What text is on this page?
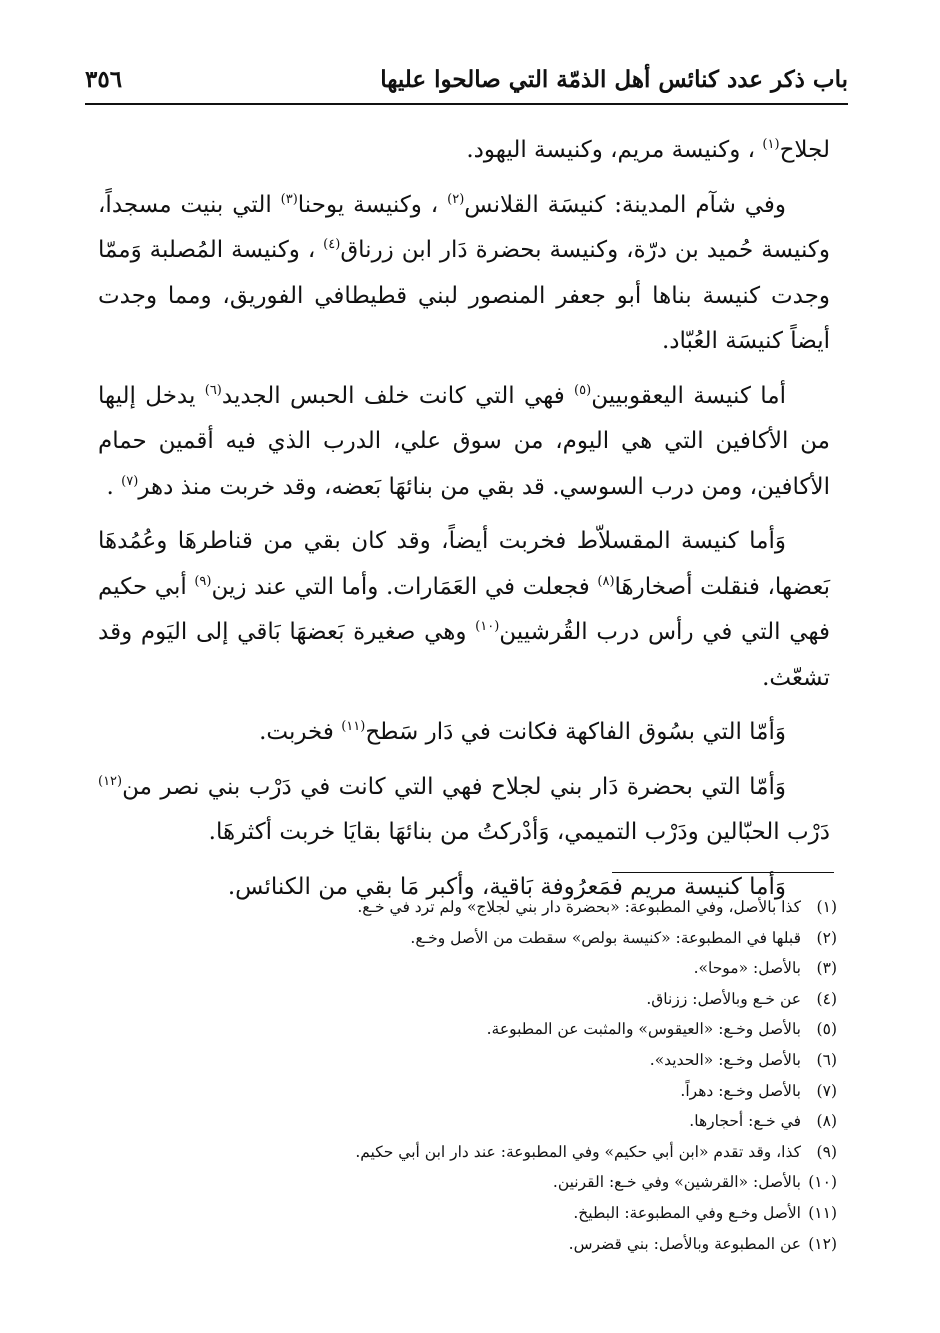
باب ذكر عدد كنائس أهل الذمّة التي صالحوا عليها
٣٥٦

لجلاح$^{(١)}$ ، وكنيسة مريم، وكنيسة اليهود.

وفي شآم المدينة: كنيسَة القلانس$^{(٢)}$ ، وكنيسة يوحنا$^{(٣)}$ التي بنيت مسجداً، وكنيسة حُميد بن درّة، وكنيسة بحضرة دَار ابن زرناق$^{(٤)}$ ، وكنيسة المُصلبة وَممّا وجدت كنيسة بناها أبو جعفر المنصور لبني قطيطافي الفوريق، ومما وجدت أيضاً كنيسَة العُبّاد.

أما كنيسة اليعقوبيين$^{(٥)}$ فهي التي كانت خلف الحبس الجديد$^{(٦)}$ يدخل إليها من الأكافين التي هي اليوم، من سوق علي، الدرب الذي فيه أقمين حمام الأكافين، ومن درب السوسي. قد بقي من بنائهَا بَعضه، وقد خربت منذ دهر$^{(٧)}$ .

وَأما كنيسة المقسلاّط فخربت أيضاً، وقد كان بقي من قناطرهَا وعُمُدهَا بَعضها، فنقلت أصخارهَا$^{(٨)}$ فجعلت في العَمَارات. وأما التي عند زين$^{(٩)}$ أبي حكيم فهي التي في رأس درب القُرشيين$^{(١٠)}$ وهي صغيرة بَعضهَا بَاقي إلى اليَوم وقد تشعّث.

وَأمّا التي بسُوق الفاكهة فكانت في دَار سَطح$^{(١١)}$ فخربت.

وَأمّا التي بحضرة دَار بني لجلاح فهي التي كانت في دَرْب بني نصر من$^{(١٢)}$ دَرْب الحبّالين ودَرْب التميمي، وَأدْركتُ من بنائهَا بقايَا خربت أكثرهَا.

وَأما كنيسة مريم فمَعرُوفة بَاقية، وأكبر مَا بقي من الكنائس.

(١)كذا بالأصل، وفي المطبوعة: «بحضرة دار بني لجلاج» ولم ترد في خـع.
(٢)قبلها في المطبوعة: «كنيسة بولص» سقطت من الأصل وخـع.
(٣)بالأصل: «موحا».
(٤)عن خـع وبالأصل: ززناق.
(٥)بالأصل وخـع: «العيقوس» والمثبت عن المطبوعة.
(٦)بالأصل وخـع: «الحديد».
(٧)بالأصل وخـع: دهراً.
(٨)في خـع: أحجارها.
(٩)كذا، وقد تقدم «ابن أبي حكيم» وفي المطبوعة: عند دار ابن أبي حكيم.
(١٠)بالأصل: «القرشين» وفي خـع: القرنين.
(١١)الأصل وخـع وفي المطبوعة: البطيخ.
(١٢)عن المطبوعة وبالأصل: بني قضرس.
